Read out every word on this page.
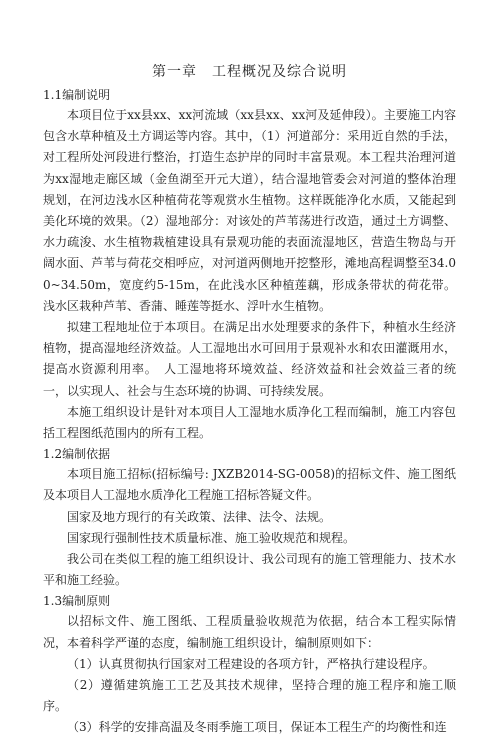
第一章　工程概况及综合说明
1.1编制说明

本项目位于xx县xx、xx河流域（xx县xx、xx河及延伸段）。主要施工内容包含水草种植及土方调运等内容。其中，（1）河道部分：采用近自然的手法，对工程所处河段进行整治，打造生态护岸的同时丰富景观。本工程共治理河道为xx湿地走廊区域（金鱼湖至开元大道），结合湿地管委会对河道的整体治理规划，在河边浅水区种植荷花等观赏水生植物。这样既能净化水质，又能起到美化环境的效果。（2）湿地部分：对该处的芦苇荡进行改造，通过土方调整、水力疏浚、水生植物栽植建设具有景观功能的表面流湿地区，营造生物岛与开阔水面、芦苇与荷花交相呼应，对河道两侧地开挖整形，滩地高程调整至34.00~34.50m，宽度约5-15m，在此浅水区种植莲藕，形成条带状的荷花带。浅水区栽种芦苇、香蒲、睡莲等挺水、浮叶水生植物。

拟建工程地址位于本项目。在满足出水处理要求的条件下，种植水生经济植物，提高湿地经济效益。人工湿地出水可回用于景观补水和农田灌溉用水，提高水资源利用率。　人工湿地将环境效益、经济效益和社会效益三者的统一，以实现人、社会与生态环境的协调、可持续发展。

本施工组织设计是针对本项目人工湿地水质净化工程而编制，施工内容包括工程图纸范围内的所有工程。

1.2编制依据

本项目施工招标(招标编号: JXZB2014-SG-0058)的招标文件、施工图纸及本项目人工湿地水质净化工程施工招标答疑文件。

国家及地方现行的有关政策、法律、法令、法规。

国家现行强制性技术质量标准、施工验收规范和规程。

我公司在类似工程的施工组织设计、我公司现有的施工管理能力、技术水平和施工经验。

1.3编制原则

以招标文件、施工图纸、工程质量验收规范为依据，结合本工程实际情况，本着科学严谨的态度，编制施工组织设计，编制原则如下：

（1）认真贯彻执行国家对工程建设的各项方针，严格执行建设程序。

（2）遵循建筑施工工艺及其技术规律，坚持合理的施工程序和施工顺序。

（3）科学的安排高温及冬雨季施工项目，保证本工程生产的均衡性和连
